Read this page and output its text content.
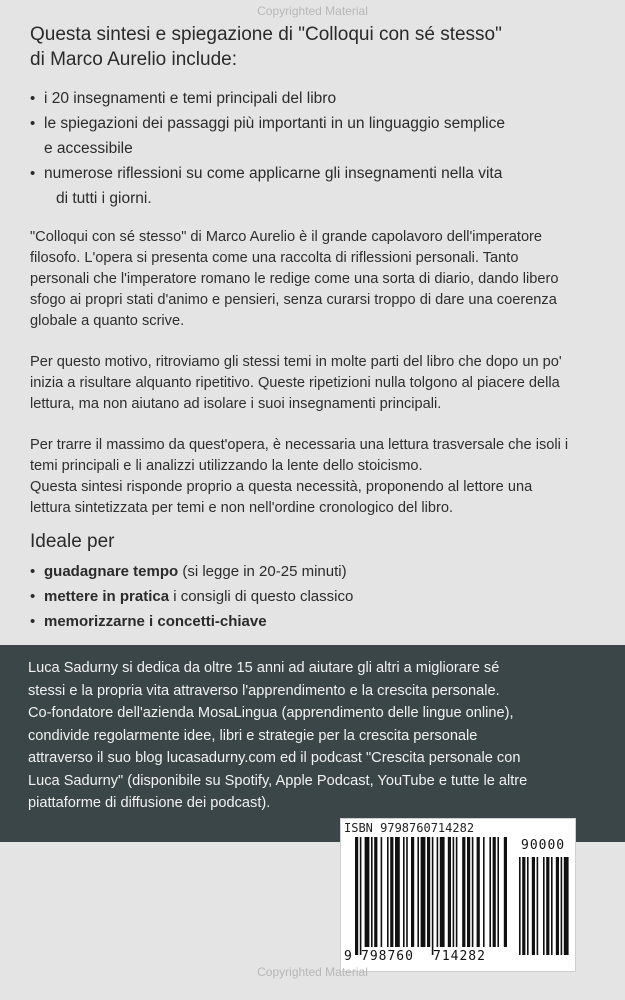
Copyrighted Material
Questa sintesi e spiegazione di "Colloqui con sé stesso"
di Marco Aurelio include:
• i 20 insegnamenti e temi principali del libro
• le spiegazioni dei passaggi più importanti in un linguaggio semplice
e accessibile
• numerose riflessioni su come applicarne gli insegnamenti nella vita
di tutti i giorni.

"Colloqui con sé stesso" di Marco Aurelio è il grande capolavoro dell'imperatore
filosofo. L'opera si presenta come una raccolta di riflessioni personali. Tanto
personali che l'imperatore romano le redige come una sorta di diario, dando libero
sfogo ai propri stati d'animo e pensieri, senza curarsi troppo di dare una coerenza
globale a quanto scrive.

Per questo motivo, ritroviamo gli stessi temi in molte parti del libro che dopo un po'
inizia a risultare alquanto ripetitivo. Queste ripetizioni nulla tolgono al piacere della
lettura, ma non aiutano ad isolare i suoi insegnamenti principali.

Per trarre il massimo da quest'opera, è necessaria una lettura trasversale che isoli i
temi principali e li analizzi utilizzando la lente dello stoicismo.
Questa sintesi risponde proprio a questa necessità, proponendo al lettore una
lettura sintetizzata per temi e non nell'ordine cronologico del libro.

Ideale per
• guadagnare tempo (si legge in 20-25 minuti)
• mettere in pratica i consigli di questo classico
• memorizzarne i concetti-chiave
Luca Sadurny si dedica da oltre 15 anni ad aiutare gli altri a migliorare sé
stessi e la propria vita attraverso l'apprendimento e la crescita personale.
Co-fondatore dell'azienda MosaLingua (apprendimento delle lingue online),
condivide regolarmente idee, libri e strategie per la crescita personale
attraverso il suo blog lucasadurny.com ed il podcast "Crescita personale con
Luca Sadurny" (disponibile su Spotify, Apple Podcast, YouTube e tutte le altre
piattaforme di diffusione dei podcast).
ISBN 9798760714282
9 798760 714282
90000
Copyrighted Material
